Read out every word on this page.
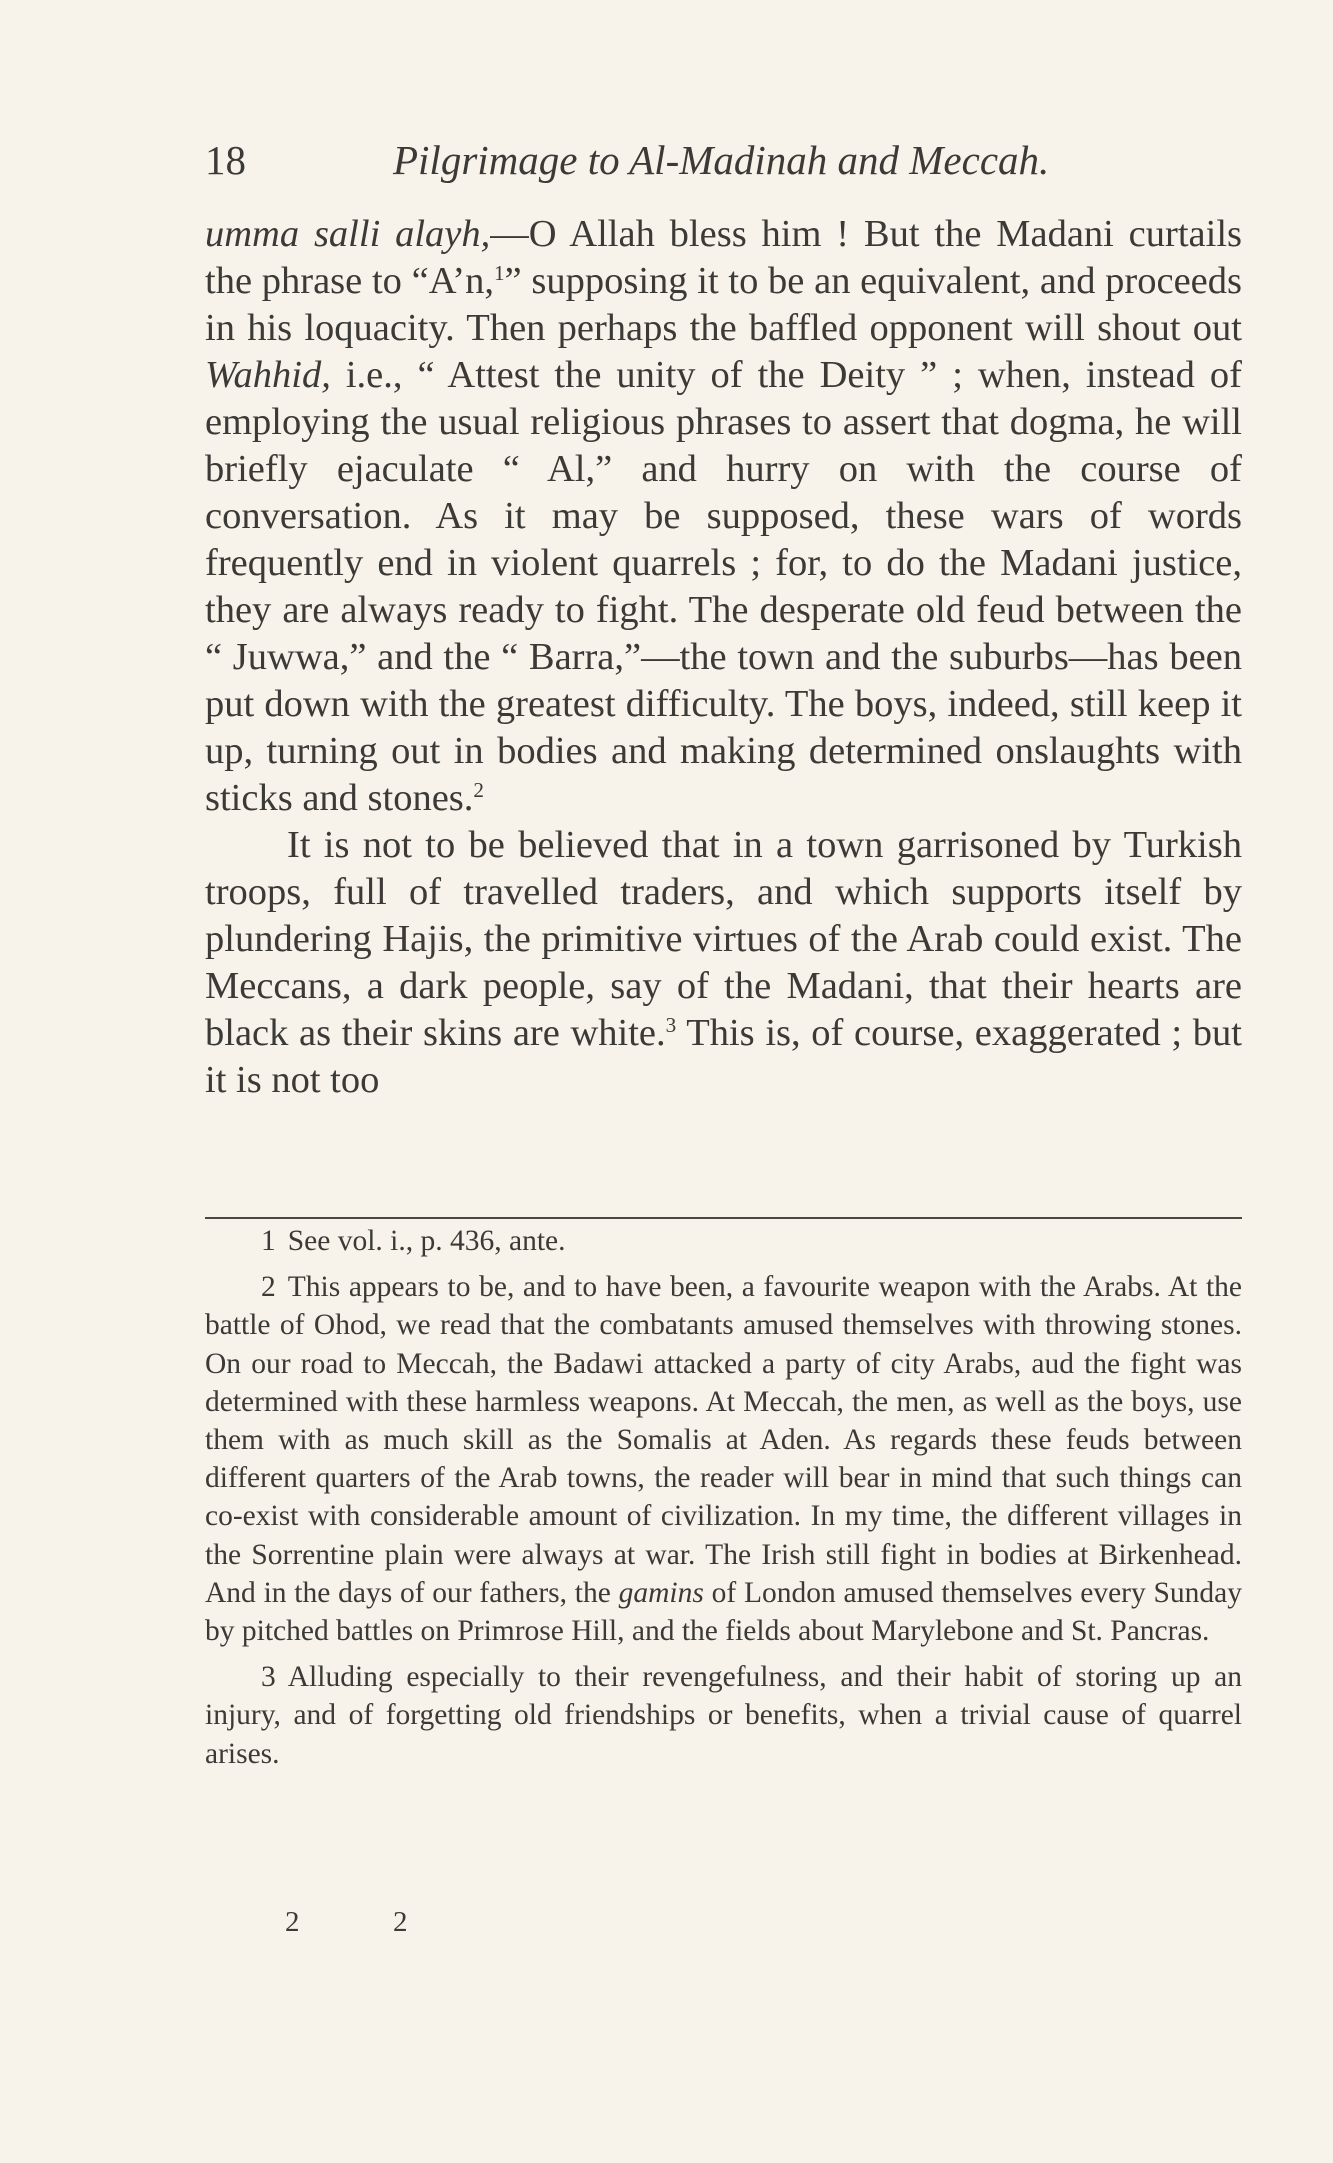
18	Pilgrimage to Al-Madinah and Meccah.

umma salli alayh,—O Allah bless him ! But the Madani curtails the phrase to “A’n,$^1$” supposing it to be an equivalent, and proceeds in his loquacity. Then perhaps the baffled opponent will shout out Wahhid, i.e., “ Attest the unity of the Deity ” ; when, instead of employing the usual religious phrases to assert that dogma, he will briefly ejaculate “ Al,” and hurry on with the course of conversation. As it may be supposed, these wars of words frequently end in violent quarrels ; for, to do the Madani justice, they are always ready to fight. The desperate old feud between the “ Juwwa,” and the “ Barra,”—the town and the suburbs—has been put down with the greatest difficulty. The boys, indeed, still keep it up, turning out in bodies and making determined onslaughts with sticks and stones.$^2$

It is not to be believed that in a town garrisoned by Turkish troops, full of travelled traders, and which supports itself by plundering Hajis, the primitive virtues of the Arab could exist. The Meccans, a dark people, say of the Madani, that their hearts are black as their skins are white.$^3$ This is, of course, exaggerated ; but it is not too

1 See vol. i., p. 436, ante.

2 This appears to be, and to have been, a favourite weapon with the Arabs. At the battle of Ohod, we read that the combatants amused themselves with throwing stones. On our road to Meccah, the Badawi attacked a party of city Arabs, aud the fight was determined with these harmless weapons. At Meccah, the men, as well as the boys, use them with as much skill as the Somalis at Aden. As regards these feuds between different quarters of the Arab towns, the reader will bear in mind that such things can co-exist with considerable amount of civilization. In my time, the different villages in the Sorrentine plain were always at war. The Irish still fight in bodies at Birkenhead. And in the days of our fathers, the gamins of London amused themselves every Sunday by pitched battles on Primrose Hill, and the fields about Marylebone and St. Pancras.

3 Alluding especially to their revengefulness, and their habit of storing up an injury, and of forgetting old friendships or benefits, when a trivial cause of quarrel arises.

2	2
